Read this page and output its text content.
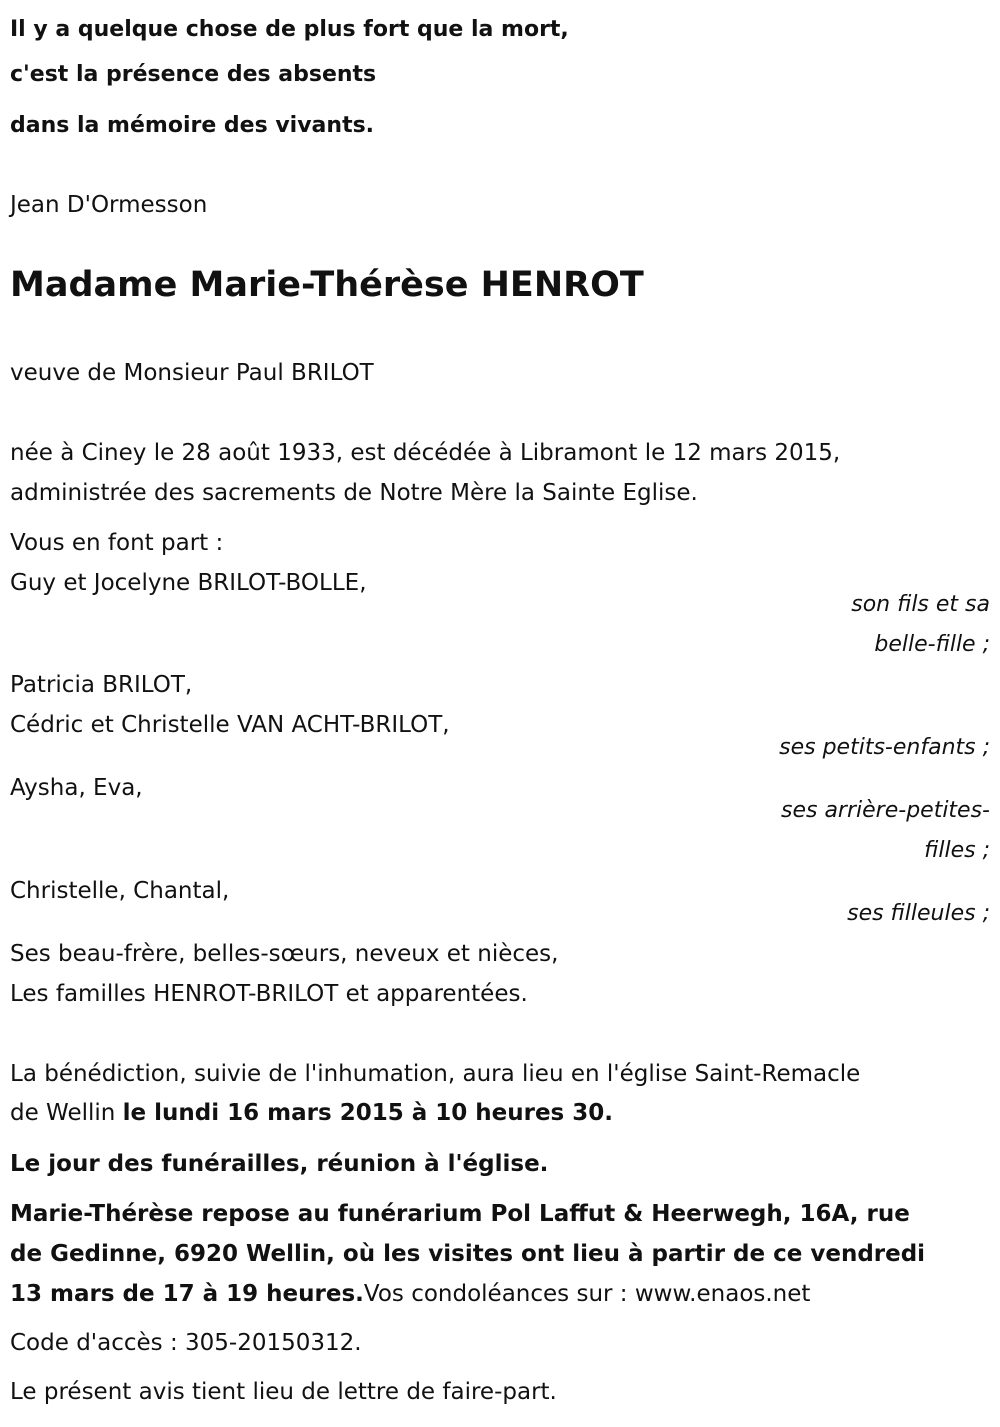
Il y a quelque chose de plus fort que la mort,
c'est la présence des absents
dans la mémoire des vivants.
Jean D'Ormesson
Madame Marie-Thérèse HENROT
veuve de Monsieur Paul BRILOT
née à Ciney le 28 août 1933, est décédée à Libramont le 12 mars 2015,
administrée des sacrements de Notre Mère la Sainte Eglise.
Vous en font part :
Guy et Jocelyne BRILOT-BOLLE,
son fils et sa
belle-fille ;
Patricia BRILOT,
Cédric et Christelle VAN ACHT-BRILOT,
ses petits-enfants ;
Aysha, Eva,
ses arrière-petites-
filles ;
Christelle, Chantal,
ses filleules ;
Ses beau-frère, belles-sœurs, neveux et nièces,
Les familles HENROT-BRILOT et apparentées.
La bénédiction, suivie de l'inhumation, aura lieu en l'église Saint-Remacle
de Wellin le lundi 16 mars 2015 à 10 heures 30.
Le jour des funérailles, réunion à l'église.
Marie-Thérèse repose au funérarium Pol Laffut & Heerwegh, 16A, rue
de Gedinne, 6920 Wellin, où les visites ont lieu à partir de ce vendredi
13 mars de 17 à 19 heures.Vos condoléances sur : www.enaos.net
Code d'accès : 305-20150312.
Le présent avis tient lieu de lettre de faire-part.
